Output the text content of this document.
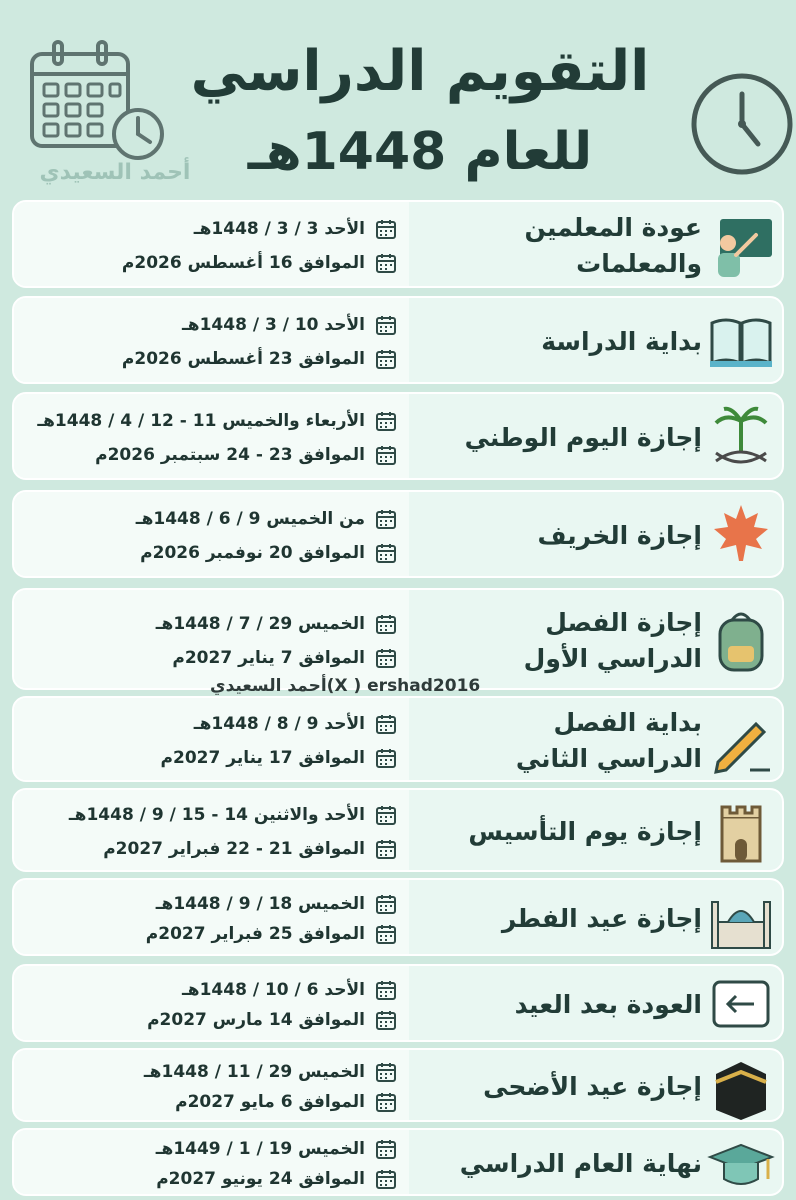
التقويم الدراسي
للعام 1448هـ
أحمد السعيدي
الأحد 3 / 3 / 1448هـ
الموافق 16 أغسطس 2026م
عودة المعلمين
والمعلمات
الأحد 10 / 3 / 1448هـ
الموافق 23 أغسطس 2026م
بداية الدراسة
الأربعاء والخميس 11 - 12 / 4 / 1448هـ
الموافق 23 - 24 سبتمبر 2026م
إجازة اليوم الوطني
من الخميس 9 / 6 / 1448هـ
الموافق 20 نوفمبر 2026م
إجازة الخريف
الخميس 29 / 7 / 1448هـ
الموافق 7 يناير 2027م
إجازة الفصل
الدراسي الأول
الأحد 9 / 8 / 1448هـ
الموافق 17 يناير 2027م
بداية الفصل
الدراسي الثاني
الأحد والاثنين 14 - 15 / 9 / 1448هـ
الموافق 21 - 22 فبراير 2027م
إجازة يوم التأسيس
الخميس 18 / 9 / 1448هـ
الموافق 25 فبراير 2027م
إجازة عيد الفطر
الأحد 6 / 10 / 1448هـ
الموافق 14 مارس 2027م
العودة بعد العيد
الخميس 29 / 11 / 1448هـ
الموافق 6 مايو 2027م
إجازة عيد الأضحى
الخميس 19 / 1 / 1449هـ
الموافق 24 يونيو 2027م
نهاية العام الدراسي
أحمد السعيدي(X ) ershad2016
